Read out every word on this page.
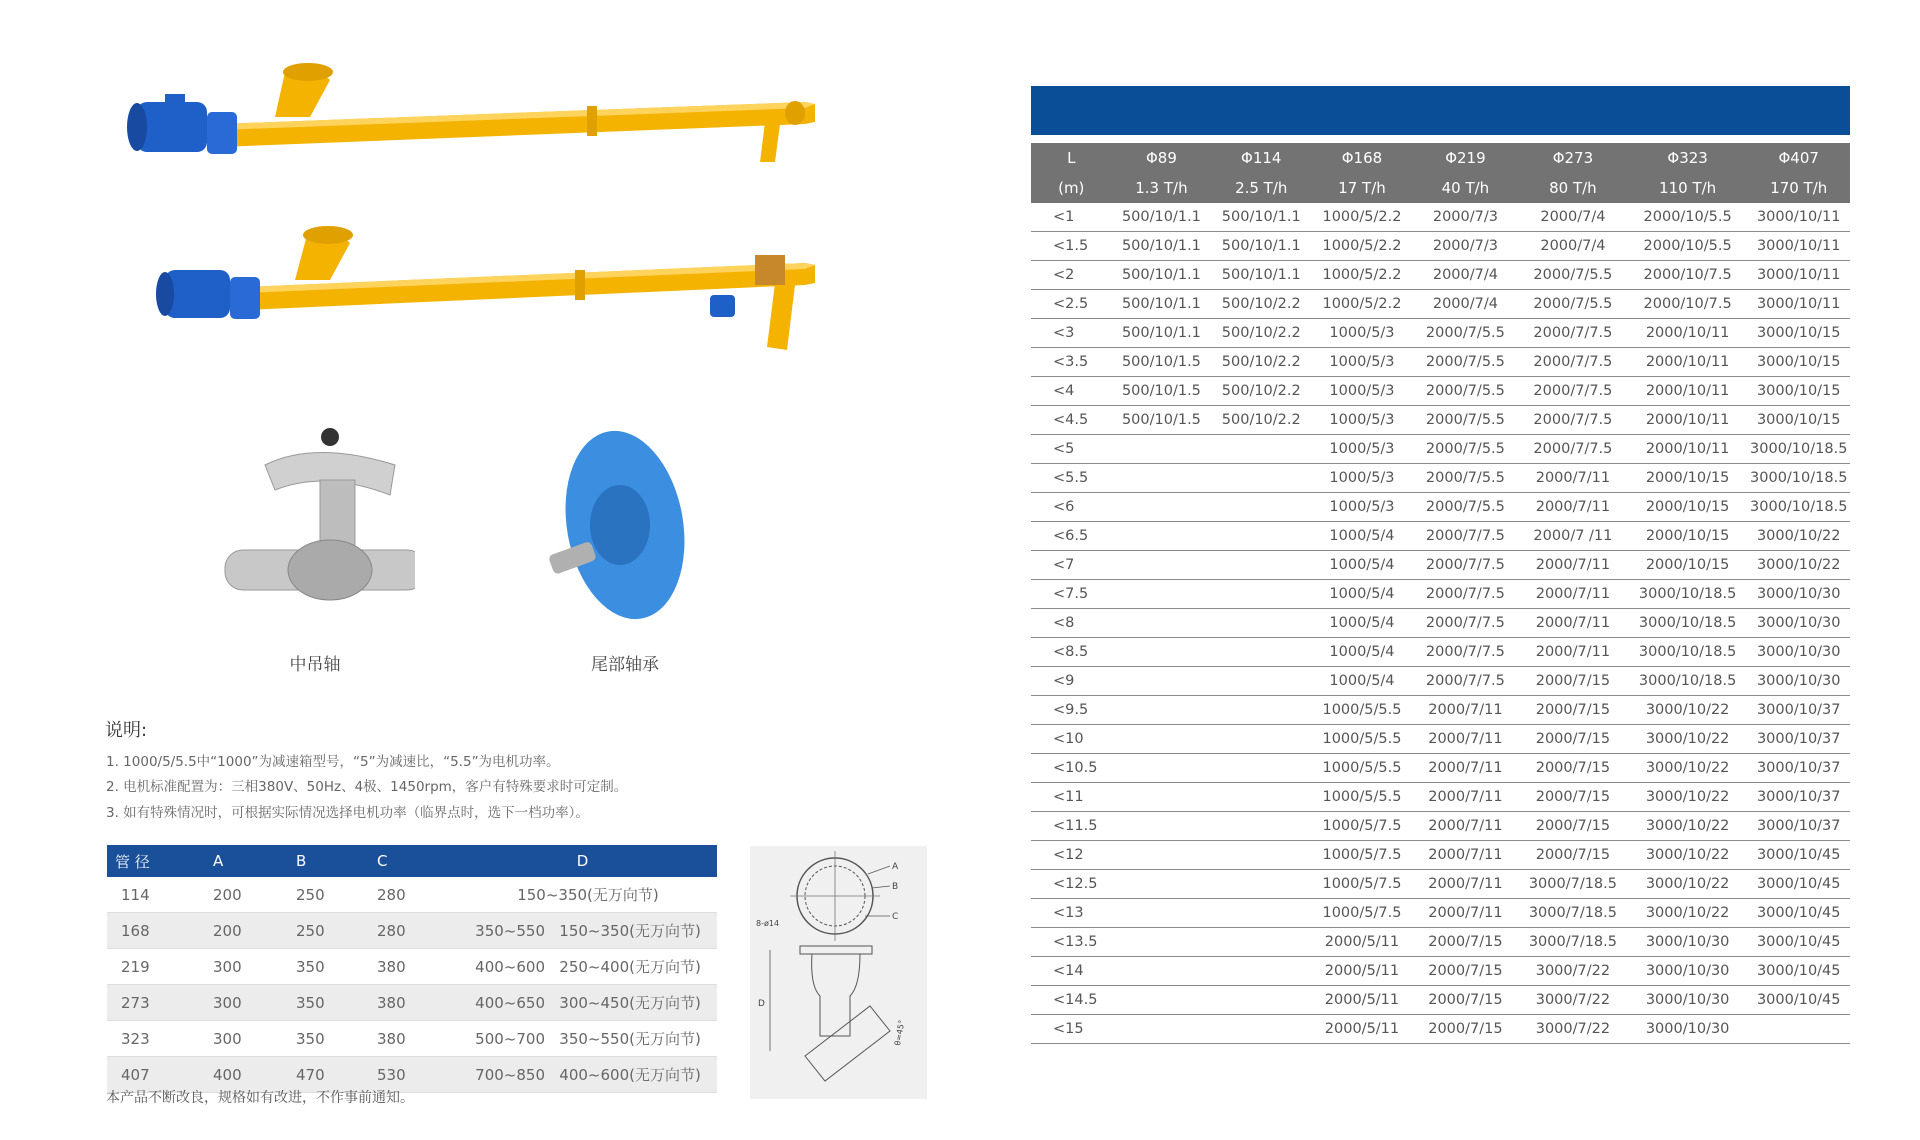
中吊轴	尾部轴承
说明:
1. 1000/5/5.5中“1000”为减速箱型号，“5”为减速比，“5.5”为电机功率。
2. 电机标准配置为：三相380V、50Hz、4极、1450rpm，客户有特殊要求时可定制。
3. 如有特殊情况时，可根据实际情况选择电机功率（临界点时，选下一档功率）。
管 径	A	B	C	D
114	200	250	280	150~350(无万向节)
168	200	250	280	350~550   150~350(无万向节)
219	300	350	380	400~600   250~400(无万向节)
273	300	350	380	400~650   300~450(无万向节)
323	300	350	380	500~700   350~550(无万向节)
407	400	470	530	700~850   400~600(无万向节)
本产品不断改良，规格如有改进，不作事前通知。
A
B
C
8-ø14
D
θ=45°
L	Φ89	Φ114	Φ168	Φ219	Φ273	Φ323	Φ407
(m)	1.3 T/h	2.5 T/h	17 T/h	40 T/h	80 T/h	110 T/h	170 T/h
<1	500/10/1.1	500/10/1.1	1000/5/2.2	2000/7/3	2000/7/4	2000/10/5.5	3000/10/11
<1.5	500/10/1.1	500/10/1.1	1000/5/2.2	2000/7/3	2000/7/4	2000/10/5.5	3000/10/11
<2	500/10/1.1	500/10/1.1	1000/5/2.2	2000/7/4	2000/7/5.5	2000/10/7.5	3000/10/11
<2.5	500/10/1.1	500/10/2.2	1000/5/2.2	2000/7/4	2000/7/5.5	2000/10/7.5	3000/10/11
<3	500/10/1.1	500/10/2.2	1000/5/3	2000/7/5.5	2000/7/7.5	2000/10/11	3000/10/15
<3.5	500/10/1.5	500/10/2.2	1000/5/3	2000/7/5.5	2000/7/7.5	2000/10/11	3000/10/15
<4	500/10/1.5	500/10/2.2	1000/5/3	2000/7/5.5	2000/7/7.5	2000/10/11	3000/10/15
<4.5	500/10/1.5	500/10/2.2	1000/5/3	2000/7/5.5	2000/7/7.5	2000/10/11	3000/10/15
<5			1000/5/3	2000/7/5.5	2000/7/7.5	2000/10/11	3000/10/18.5
<5.5			1000/5/3	2000/7/5.5	2000/7/11	2000/10/15	3000/10/18.5
<6			1000/5/3	2000/7/5.5	2000/7/11	2000/10/15	3000/10/18.5
<6.5			1000/5/4	2000/7/7.5	2000/7 /11	2000/10/15	3000/10/22
<7			1000/5/4	2000/7/7.5	2000/7/11	2000/10/15	3000/10/22
<7.5			1000/5/4	2000/7/7.5	2000/7/11	3000/10/18.5	3000/10/30
<8			1000/5/4	2000/7/7.5	2000/7/11	3000/10/18.5	3000/10/30
<8.5			1000/5/4	2000/7/7.5	2000/7/11	3000/10/18.5	3000/10/30
<9			1000/5/4	2000/7/7.5	2000/7/15	3000/10/18.5	3000/10/30
<9.5			1000/5/5.5	2000/7/11	2000/7/15	3000/10/22	3000/10/37
<10			1000/5/5.5	2000/7/11	2000/7/15	3000/10/22	3000/10/37
<10.5			1000/5/5.5	2000/7/11	2000/7/15	3000/10/22	3000/10/37
<11			1000/5/5.5	2000/7/11	2000/7/15	3000/10/22	3000/10/37
<11.5			1000/5/7.5	2000/7/11	2000/7/15	3000/10/22	3000/10/37
<12			1000/5/7.5	2000/7/11	2000/7/15	3000/10/22	3000/10/45
<12.5			1000/5/7.5	2000/7/11	3000/7/18.5	3000/10/22	3000/10/45
<13			1000/5/7.5	2000/7/11	3000/7/18.5	3000/10/22	3000/10/45
<13.5			2000/5/11	2000/7/15	3000/7/18.5	3000/10/30	3000/10/45
<14			2000/5/11	2000/7/15	3000/7/22	3000/10/30	3000/10/45
<14.5			2000/5/11	2000/7/15	3000/7/22	3000/10/30	3000/10/45
<15			2000/5/11	2000/7/15	3000/7/22	3000/10/30	
